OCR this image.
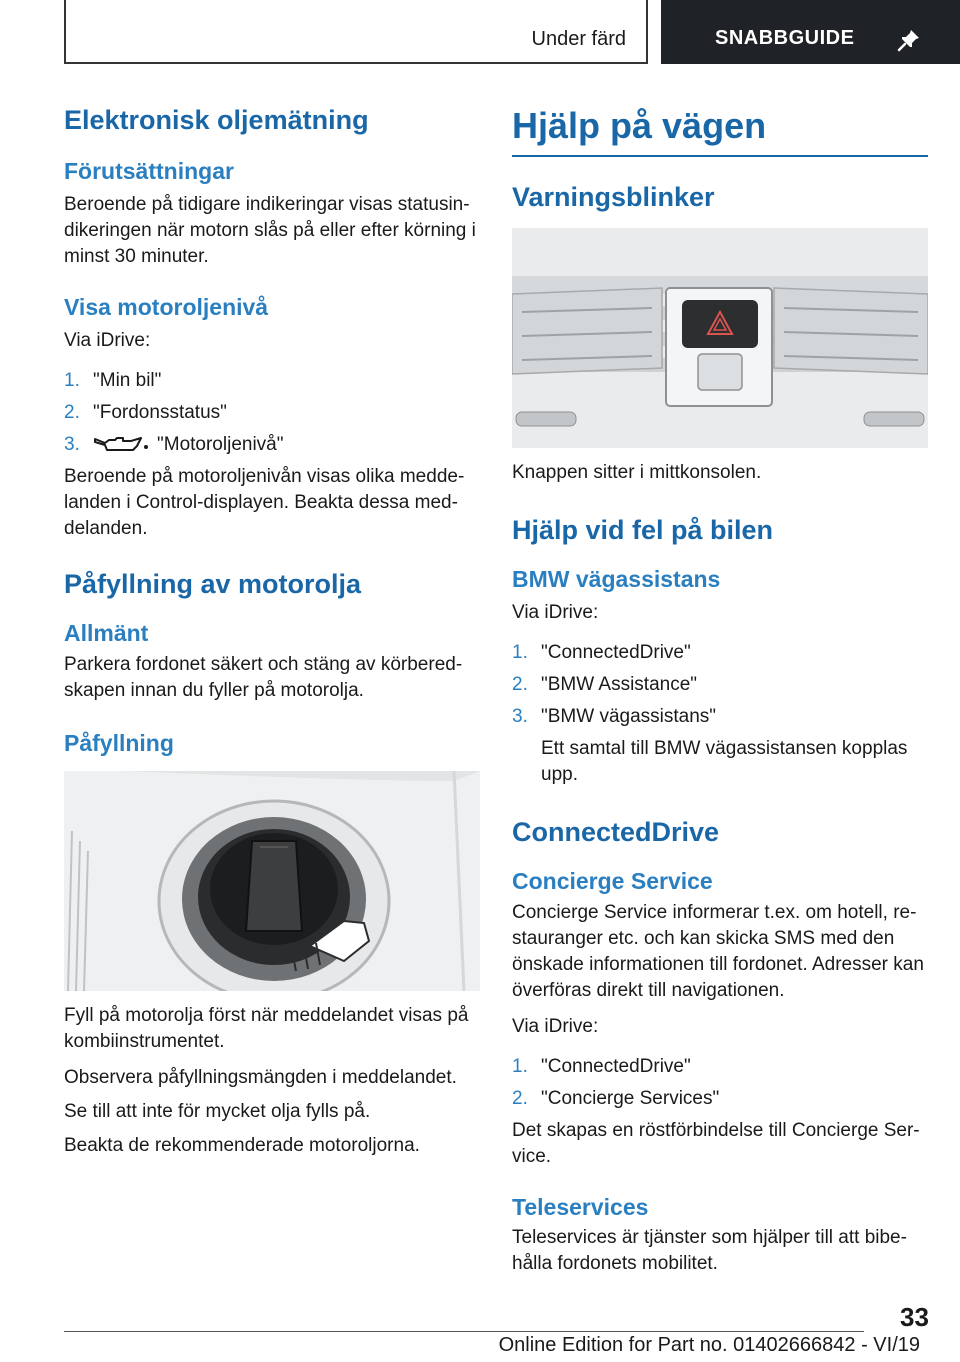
Under färd	SNABBGUIDE
Elektronisk oljemätning
Förutsättningar

Beroende på tidigare indikeringar visas statusin-dikeringen när motorn slås på eller efter körning i minst 30 minuter.

Visa motoroljenivå

Via iDrive:

1. "Min bil"
2. "Fordonsstatus"
3.	"Motoroljenivå"

Beroende på motoroljenivån visas olika medde-landen i Control-displayen. Beakta dessa med-delanden.

Påfyllning av motorolja
Allmänt

Parkera fordonet säkert och stäng av körbered-skapen innan du fyller på motorolja.

Påfyllning

Fyll på motorolja först när meddelandet visas på kombiinstrumentet.

Observera påfyllningsmängden i meddelandet.

Se till att inte för mycket olja fylls på.

Beakta de rekommenderade motoroljorna.

Hjälp på vägen
Varningsblinker

Knappen sitter i mittkonsolen.

Hjälp vid fel på bilen
BMW vägassistans

Via iDrive:

1. "ConnectedDrive"
2. "BMW Assistance"
3. "BMW vägassistans"
Ett samtal till BMW vägassistansen kopplas upp.
ConnectedDrive
Concierge Service

Concierge Service informerar t.ex. om hotell, re-stauranger etc. och kan skicka SMS med den önskade informationen till fordonet. Adresser kan överföras direkt till navigationen.

Via iDrive:

1. "ConnectedDrive"
2. "Concierge Services"

Det skapas en röstförbindelse till Concierge Ser-vice.

Teleservices

Teleservices är tjänster som hjälper till att bibe-hålla fordonets mobilitet.

33
Online Edition for Part no. 01402666842 - VI/19
